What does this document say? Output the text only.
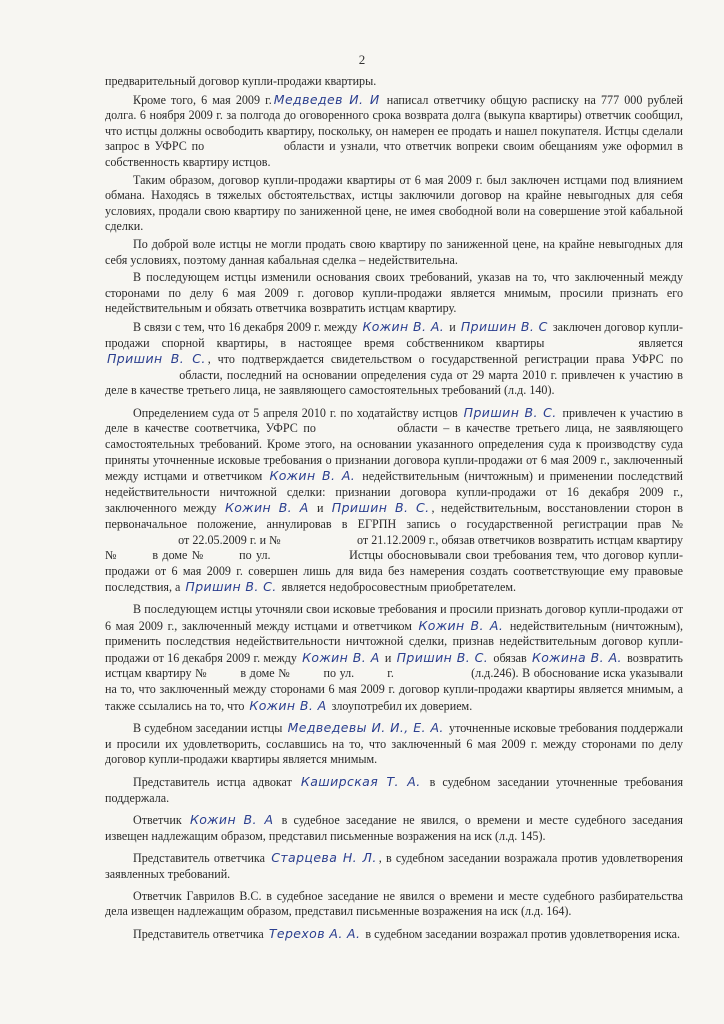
2

предварительный договор купли-продажи квартиры.

Кроме того, 6 мая 2009 г. Медведев И. И написал ответчику общую расписку на 777 000 рублей долга. 6 ноября 2009 г. за полгода до оговоренного срока возврата долга (выкупа квартиры) ответчик сообщил, что истцы должны освободить квартиру, поскольку, он намерен ее продать и нашел покупателя. Истцы сделали запрос в УФРС по	области и узнали, что ответчик вопреки своим обещаниям уже оформил в собственность квартиру истцов.

Таким образом, договор купли-продажи квартиры от 6 мая 2009 г. был заключен истцами под влиянием обмана. Находясь в тяжелых обстоятельствах, истцы заключили договор на крайне невыгодных для себя условиях, продали свою квартиру по заниженной цене, не имея свободной воли на совершение этой кабальной сделки.

По доброй воле истцы не могли продать свою квартиру по заниженной цене, на крайне невыгодных для себя условиях, поэтому данная кабальная сделка – недействительна.

В последующем истцы изменили основания своих требований, указав на то, что заключенный между сторонами по делу 6 мая 2009 г. договор купли-продажи является мнимым, просили признать его недействительным и обязать ответчика возвратить истцам квартиру.

В связи с тем, что 16 декабря 2009 г. между Кожин В. А. и Пришин В. С заключен договор купли-продажи спорной квартиры, в настоящее время собственником квартиры	является Пришин В. С. , что подтверждается свидетельством о государственной регистрации права УФРС по  области, последний на основании определения суда от 29 марта 2010 г. привлечен к участию в деле в качестве третьего лица, не заявляющего самостоятельных требований (л.д. 140).

Определением суда от 5 апреля 2010 г. по ходатайству истцов Пришин В. С. привлечен к участию в деле в качестве соответчика, УФРС по	области – в качестве третьего лица, не заявляющего самостоятельных требований. Кроме этого, на основании указанного определения суда к производству суда приняты уточненные исковые требования о признании договора купли-продажи от 6 мая 2009 г., заключенный между истцами и ответчиком Кожин В. А. недействительным (ничтожным) и применении последствий недействительности ничтожной сделки: признании договора купли-продажи от 16 декабря 2009 г., заключенного между Кожин В. А и Пришин В. С. , недействительным, восстановлении сторон в первоначальное положение, аннулировав в ЕГРПН запись о государственной регистрации прав №  от 22.05.2009 г. и №	от 21.12.2009 г., обязав ответчиков возвратить истцам квартиру №  в доме №  по ул.	Истцы обосновывали свои требования тем, что договор купли-продажи от 6 мая 2009 г. совершен лишь для вида без намерения создать соответствующие ему правовые последствия, а Пришин В. С. является недобросовестным приобретателем.

В последующем истцы уточняли свои исковые требования и просили признать договор купли-продажи от 6 мая 2009 г., заключенный между истцами и ответчиком Кожин В. А. недействительным (ничтожным), применить последствия недействительности ничтожной сделки, признав недействительным договор купли-продажи от 16 декабря 2009 г. между Кожин В. А и Пришин В. С. обязав Кожина В. А. возвратить истцам квартиру №  в доме №  по ул.  г.	(л.д.246). В обоснование иска указывали на то, что заключенный между сторонами 6 мая 2009 г. договор купли-продажи квартиры является мнимым, а также ссылались на то, что Кожин В. А злоупотребил их доверием.

В судебном заседании истцы Медведевы И. И., Е. А. уточненные исковые требования поддержали и просили их удовлетворить, сославшись на то, что заключенный 6 мая 2009 г. между сторонами по делу договор купли-продажи квартиры является мнимым.

Представитель истца адвокат Каширская Т. А. в судебном заседании уточненные требования поддержала.

Ответчик Кожин В. А в судебное заседание не явился, о времени и месте судебного заседания извещен надлежащим образом, представил письменные возражения на иск (л.д. 145).

Представитель ответчика Старцева Н. Л. , в судебном заседании возражала против удовлетворения заявленных требований.

Ответчик Гаврилов В.С. в судебное заседание не явился о времени и месте судебного разбирательства дела извещен надлежащим образом, представил письменные возражения на иск (л.д. 164).

Представитель ответчика Терехов А. А. в судебном заседании возражал против удовлетворения иска.
